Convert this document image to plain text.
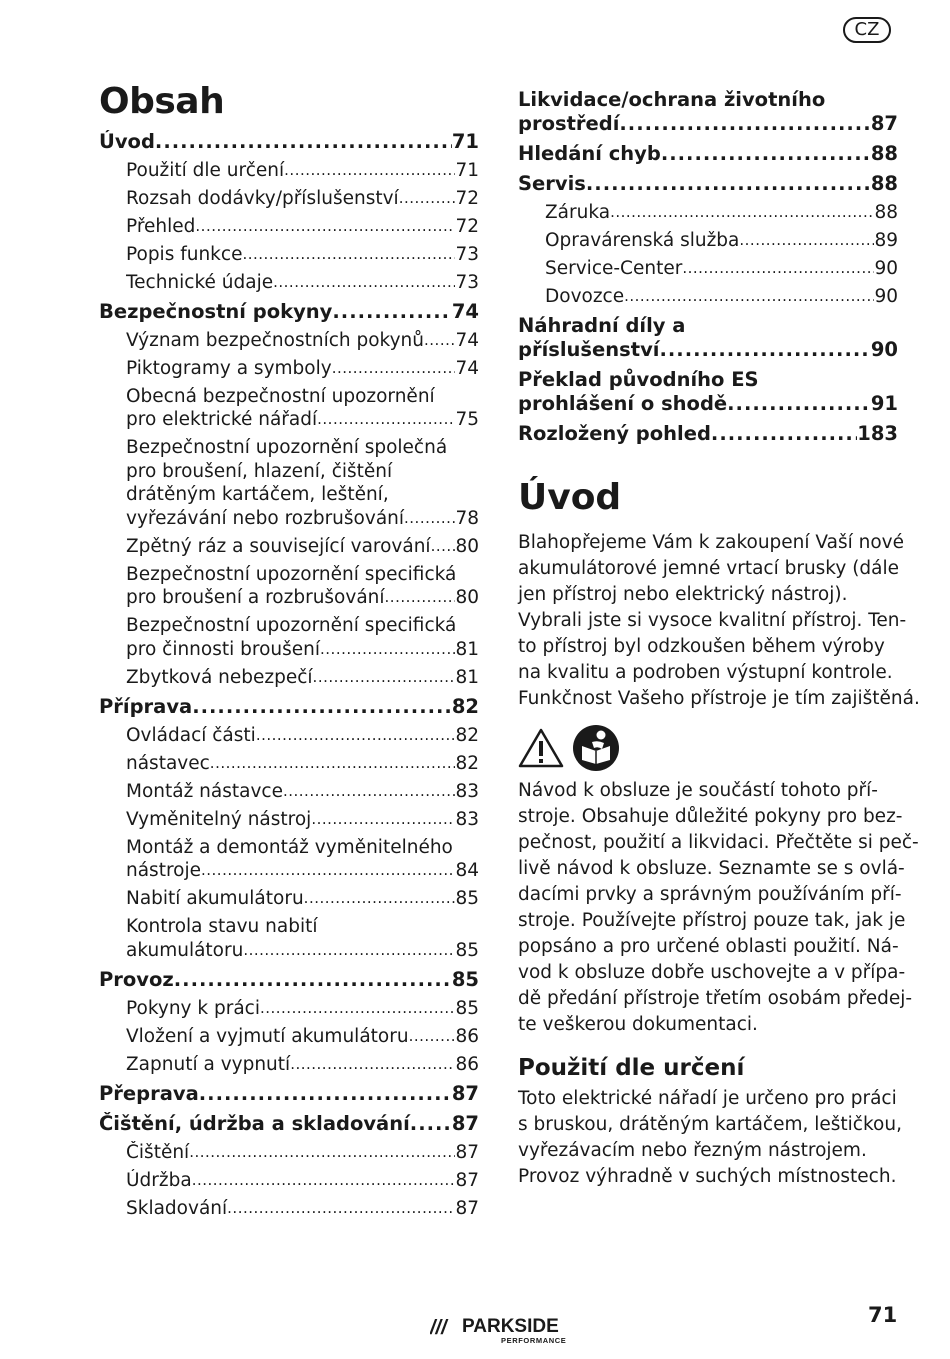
CZ
Obsah
Úvod .....	71
Použití dle určení .....	71
Rozsah dodávky/příslušenství .....	72
Přehled .....	72
Popis funkce .....	73
Technické údaje .....	73
Bezpečnostní pokyny .....	74
Význam bezpečnostních pokynů ..... 74
Piktogramy a symboly .....	74
Obecná bezpečnostní upozornění
pro elektrické nářadí .....	75
Bezpečnostní upozornění společná
pro broušení, hlazení, čištění
drátěným kartáčem, leštění,
vyřezávání nebo rozbrušování .....	78
Zpětný ráz a související varování ..... 80
Bezpečnostní upozornění specifická
pro broušení a rozbrušování .....	80
Bezpečnostní upozornění specifická
pro činnosti broušení .....	81
Zbytková nebezpečí .....	81
Příprava .....	82
Ovládací části .....	82
nástavec .....	82
Montáž nástavce .....	83
Vyměnitelný nástroj .....	83
Montáž a demontáž vyměnitelného
nástroje .....	84
Nabití akumulátoru .....	85
Kontrola stavu nabití
akumulátoru .....	85
Provoz .....	85
Pokyny k práci .....	85
Vložení a vyjmutí akumulátoru .....	86
Zapnutí a vypnutí .....	86
Přeprava .....	87
Čištění, údržba a skladování ..... 87
Čištění .....	87
Údržba .....	87
Skladování .....	87
Likvidace/ochrana životního
prostředí .....	87
Hledání chyb .....	88
Servis .....	88
Záruka .....	88
Opravárenská služba .....	89
Service-Center .....	90
Dovozce .....	90
Náhradní díly a
příslušenství .....	90
Překlad původního ES
prohlášení o shodě .....	91
Rozložený pohled .....	183
Úvod

Blahopřejeme Vám k zakoupení Vaší nové
akumulátorové jemné vrtací brusky (dále
jen přístroj nebo elektrický nástroj).
Vybrali jste si vysoce kvalitní přístroj. Ten-
to přístroj byl odzkoušen během výroby
na kvalitu a podroben výstupní kontrole.
Funkčnost Vašeho přístroje je tím zajištěná.

Návod k obsluze je součástí tohoto pří-
stroje. Obsahuje důležité pokyny pro bez-
pečnost, použití a likvidaci. Přečtěte si peč-
livě návod k obsluze. Seznamte se s ovlá-
dacími prvky a správným používáním pří-
stroje. Používejte přístroj pouze tak, jak je
popsáno a pro určené oblasti použití. Ná-
vod k obsluze dobře uschovejte a v přípa-
dě předání přístroje třetím osobám předej-
te veškerou dokumentaci.

Použití dle určení

Toto elektrické nářadí je určeno pro práci
s bruskou, drátěným kartáčem, leštičkou,
vyřezávacím nebo řezným nástrojem.
Provoz výhradně v suchých místnostech.

/// PARKSIDE
PERFORMANCE
71
